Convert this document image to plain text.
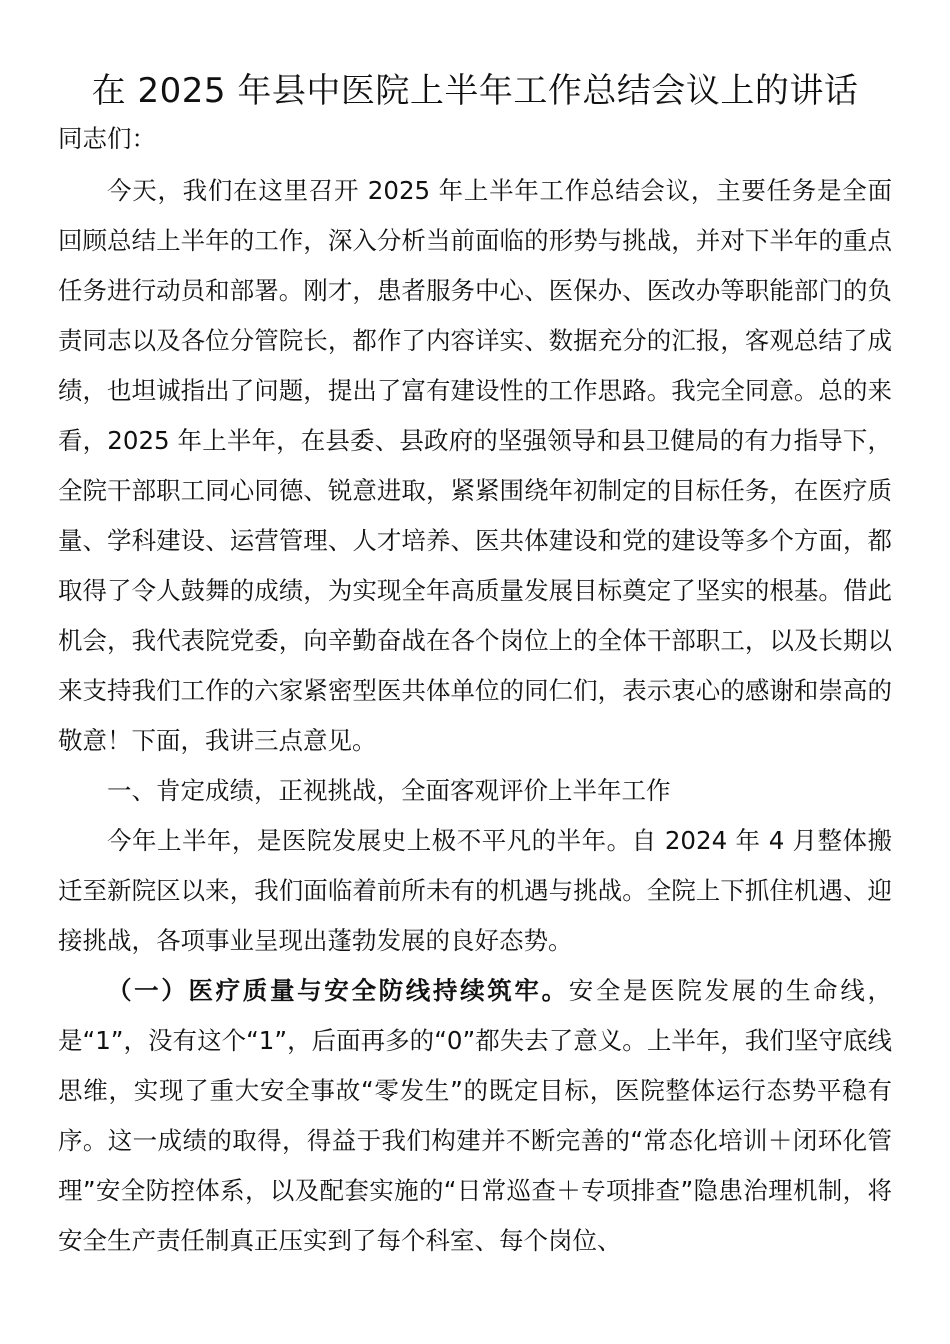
在 2025 年县中医院上半年工作总结会议上的讲话

同志们：

今天，我们在这里召开 2025 年上半年工作总结会议，主要任务是全面回顾总结上半年的工作，深入分析当前面临的形势与挑战，并对下半年的重点任务进行动员和部署。刚才，患者服务中心、医保办、医改办等职能部门的负责同志以及各位分管院长，都作了内容详实、数据充分的汇报，客观总结了成绩，也坦诚指出了问题，提出了富有建设性的工作思路。我完全同意。总的来看，2025 年上半年，在县委、县政府的坚强领导和县卫健局的有力指导下，全院干部职工同心同德、锐意进取，紧紧围绕年初制定的目标任务，在医疗质量、学科建设、运营管理、人才培养、医共体建设和党的建设等多个方面，都取得了令人鼓舞的成绩，为实现全年高质量发展目标奠定了坚实的根基。借此机会，我代表院党委，向辛勤奋战在各个岗位上的全体干部职工，以及长期以来支持我们工作的六家紧密型医共体单位的同仁们，表示衷心的感谢和崇高的敬意！下面，我讲三点意见。

一、肯定成绩，正视挑战，全面客观评价上半年工作

今年上半年，是医院发展史上极不平凡的半年。自 2024 年 4 月整体搬迁至新院区以来，我们面临着前所未有的机遇与挑战。全院上下抓住机遇、迎接挑战，各项事业呈现出蓬勃发展的良好态势。

（一）医疗质量与安全防线持续筑牢。安全是医院发展的生命线，是“1”，没有这个“1”，后面再多的“0”都失去了意义。上半年，我们坚守底线思维，实现了重大安全事故“零发生”的既定目标，医院整体运行态势平稳有序。这一成绩的取得，得益于我们构建并不断完善的“常态化培训＋闭环化管理”安全防控体系，以及配套实施的“日常巡查＋专项排查”隐患治理机制，将安全生产责任制真正压实到了每个科室、每个岗位、
